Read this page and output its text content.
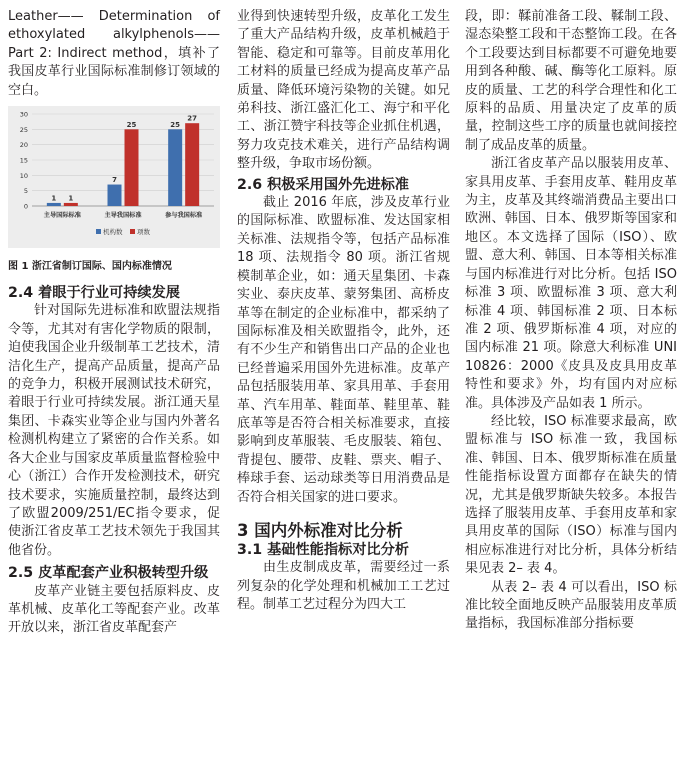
Leather—— Determination of ethoxylated alkylphenols——Part 2: Indirect method，填补了我国皮革行业国际标准制修订领域的空白。

0
5
10
15
20
25
30
1 1
主导国际标准
7
25
主导我国标准
25
27
参与我国标准
机构数 项数

图 1 浙江省制订国际、国内标准情况

2.4 着眼于行业可持续发展

针对国际先进标准和欧盟法规指令等，尤其对有害化学物质的限制，迫使我国企业升级制革工艺技术，清洁化生产，提高产品质量，提高产品的竞争力，积极开展测试技术研究，着眼于行业可持续发展。浙江通天星集团、卡森实业等企业与国内外著名检测机构建立了紧密的合作关系。如各大企业与国家皮革质量监督检验中心（浙江）合作开发检测技术，研究技术要求，实施质量控制，最终达到了欧盟2009/251/EC指令要求，促使浙江省皮革工艺技术领先于我国其他省份。

2.5 皮革配套产业积极转型升级

皮革产业链主要包括原料皮、皮革机械、皮革化工等配套产业。改革开放以来，浙江省皮革配套产

业得到快速转型升级，皮革化工发生了重大产品结构升级，皮革机械趋于智能、稳定和可靠等。目前皮革用化工材料的质量已经成为提高皮革产品质量、降低环境污染物的关键。如兄弟科技、浙江盛汇化工、海宁和平化工、浙江赞宇科技等企业抓住机遇，努力攻克技术难关，进行产品结构调整升级，争取市场份额。

2.6 积极采用国外先进标准

截止 2016 年底，涉及皮革行业的国际标准、欧盟标准、发达国家相关标准、法规指令等，包括产品标准 18 项、法规指令 80 项。浙江省规模制革企业，如：通天星集团、卡森实业、泰庆皮革、蒙努集团、高桥皮革等在制定的企业标准中，都采纳了国际标准及相关欧盟指令，此外，还有不少生产和销售出口产品的企业也已经普遍采用国外先进标准。皮革产品包括服装用革、家具用革、手套用革、汽车用革、鞋面革、鞋里革、鞋底革等是否符合相关标准要求，直接影响到皮革服装、毛皮服装、箱包、背提包、腰带、皮鞋、票夹、帽子、棒球手套、运动球类等日用消费品是否符合相关国家的进口要求。

3 国内外标准对比分析
3.1 基础性能指标对比分析

由生皮制成皮革，需要经过一系列复杂的化学处理和机械加工工艺过程。制革工艺过程分为四大工

段，即：鞣前准备工段、鞣制工段、湿态染整工段和干态整饰工段。在各个工段要达到目标都要不可避免地要用到各种酸、碱、酶等化工原料。原皮的质量、工艺的科学合理性和化工原料的品质、用量决定了皮革的质量，控制这些工序的质量也就间接控制了成品皮革的质量。

浙江省皮革产品以服装用皮革、家具用皮革、手套用皮革、鞋用皮革为主，皮革及其终端消费品主要出口欧洲、韩国、日本、俄罗斯等国家和地区。本文选择了国际（ISO）、欧盟、意大利、韩国、日本等相关标准与国内标准进行对比分析。包括 ISO 标准 3 项、欧盟标准 3 项、意大利标准 4 项、韩国标准 2 项、日本标准 2 项、俄罗斯标准 4 项，对应的国内标准 21 项。除意大利标准 UNI 10826：2000《皮具及皮具用皮革特性和要求》外，均有国内对应标准。具体涉及产品如表 1 所示。

经比较，ISO 标准要求最高，欧盟标准与 ISO 标准一致，我国标准、韩国、日本、俄罗斯标准在质量性能指标设置方面都存在缺失的情况，尤其是俄罗斯缺失较多。本报告选择了服装用皮革、手套用皮革和家具用皮革的国际（ISO）标准与国内相应标准进行对比分析，具体分析结果见表 2– 表 4。

从表 2– 表 4 可以看出，ISO 标准比较全面地反映产品服装用皮革质量指标，我国标准部分指标要
